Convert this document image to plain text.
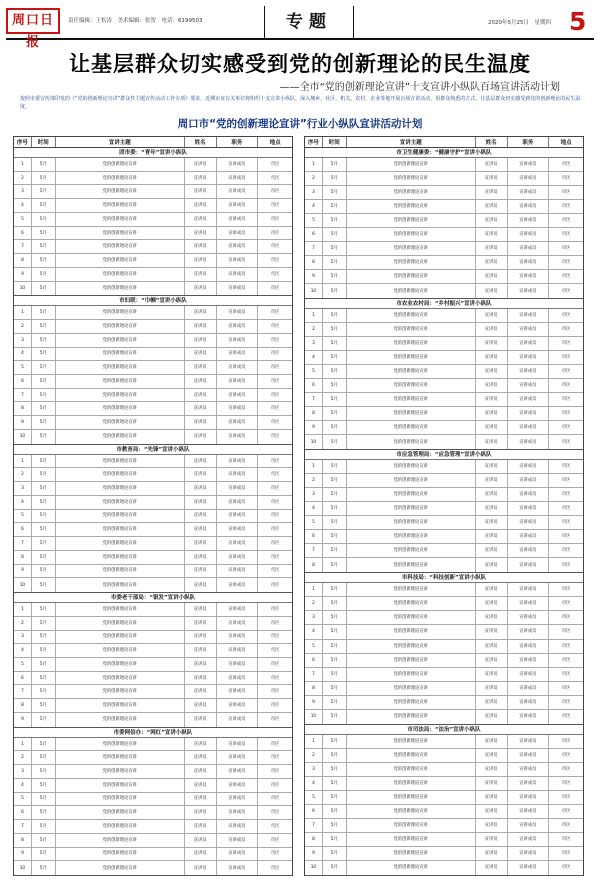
周口日报
责任编辑：王松涛　美术编辑：张贺　电话：6199503	专题	2020年5月25日　星期四 5
让基层群众切实感受到党的创新理论的民生温度
——全市“党的创新理论宣讲”十支宣讲小纵队百场宣讲活动计划
按照市委宣传部印发的《“党的创新理论宣讲”群众性主题宣传活动工作专项》要求，近期市直有关单位将组织十支宣讲小纵队，深入城乡、社区、机关、农村、企业等地开展百场宣讲活动，用群众熟悉的方式，让基层群众切实感受到党的创新理论的民生温度。
周口市“党的创新理论宣讲”行业小纵队宣讲活动计划
序号	时间	宣讲主题	姓名	职务	地点
团市委：“青年”宣讲小纵队
1	5月	党的创新理论宣讲	宣讲员	宣讲成员	市区
2	5月	党的创新理论宣讲	宣讲员	宣讲成员	市区
3	5月	党的创新理论宣讲	宣讲员	宣讲成员	市区
4	5月	党的创新理论宣讲	宣讲员	宣讲成员	市区
5	5月	党的创新理论宣讲	宣讲员	宣讲成员	市区
6	5月	党的创新理论宣讲	宣讲员	宣讲成员	市区
7	5月	党的创新理论宣讲	宣讲员	宣讲成员	市区
8	5月	党的创新理论宣讲	宣讲员	宣讲成员	市区
9	5月	党的创新理论宣讲	宣讲员	宣讲成员	市区
10	5月	党的创新理论宣讲	宣讲员	宣讲成员	市区
市妇联：“巾帼”宣讲小纵队
1	5月	党的创新理论宣讲	宣讲员	宣讲成员	市区
2	5月	党的创新理论宣讲	宣讲员	宣讲成员	市区
3	5月	党的创新理论宣讲	宣讲员	宣讲成员	市区
4	5月	党的创新理论宣讲	宣讲员	宣讲成员	市区
5	5月	党的创新理论宣讲	宣讲员	宣讲成员	市区
6	5月	党的创新理论宣讲	宣讲员	宣讲成员	市区
7	5月	党的创新理论宣讲	宣讲员	宣讲成员	市区
8	5月	党的创新理论宣讲	宣讲员	宣讲成员	市区
9	5月	党的创新理论宣讲	宣讲员	宣讲成员	市区
10	5月	党的创新理论宣讲	宣讲员	宣讲成员	市区
市教育局：“先锋”宣讲小纵队
1	5月	党的创新理论宣讲	宣讲员	宣讲成员	市区
2	5月	党的创新理论宣讲	宣讲员	宣讲成员	市区
3	5月	党的创新理论宣讲	宣讲员	宣讲成员	市区
4	5月	党的创新理论宣讲	宣讲员	宣讲成员	市区
5	5月	党的创新理论宣讲	宣讲员	宣讲成员	市区
6	5月	党的创新理论宣讲	宣讲员	宣讲成员	市区
7	5月	党的创新理论宣讲	宣讲员	宣讲成员	市区
8	5月	党的创新理论宣讲	宣讲员	宣讲成员	市区
9	5月	党的创新理论宣讲	宣讲员	宣讲成员	市区
10	5月	党的创新理论宣讲	宣讲员	宣讲成员	市区
市委老干部局：“银发”宣讲小纵队
1	5月	党的创新理论宣讲	宣讲员	宣讲成员	市区
2	5月	党的创新理论宣讲	宣讲员	宣讲成员	市区
3	5月	党的创新理论宣讲	宣讲员	宣讲成员	市区
4	5月	党的创新理论宣讲	宣讲员	宣讲成员	市区
5	5月	党的创新理论宣讲	宣讲员	宣讲成员	市区
6	5月	党的创新理论宣讲	宣讲员	宣讲成员	市区
7	5月	党的创新理论宣讲	宣讲员	宣讲成员	市区
8	5月	党的创新理论宣讲	宣讲员	宣讲成员	市区
9	5月	党的创新理论宣讲	宣讲员	宣讲成员	市区
市委网信办：“网红”宣讲小纵队
1	5月	党的创新理论宣讲	宣讲员	宣讲成员	市区
2	5月	党的创新理论宣讲	宣讲员	宣讲成员	市区
3	5月	党的创新理论宣讲	宣讲员	宣讲成员	市区
4	5月	党的创新理论宣讲	宣讲员	宣讲成员	市区
5	5月	党的创新理论宣讲	宣讲员	宣讲成员	市区
6	5月	党的创新理论宣讲	宣讲员	宣讲成员	市区
7	5月	党的创新理论宣讲	宣讲员	宣讲成员	市区
8	5月	党的创新理论宣讲	宣讲员	宣讲成员	市区
9	5月	党的创新理论宣讲	宣讲员	宣讲成员	市区
10	5月	党的创新理论宣讲	宣讲员	宣讲成员	市区
序号	时间	宣讲主题	姓名	职务	地点
市卫生健康委：“健康守护”宣讲小纵队
1	5月	党的创新理论宣讲	宣讲员	宣讲成员	市区
2	5月	党的创新理论宣讲	宣讲员	宣讲成员	市区
3	5月	党的创新理论宣讲	宣讲员	宣讲成员	市区
4	5月	党的创新理论宣讲	宣讲员	宣讲成员	市区
5	5月	党的创新理论宣讲	宣讲员	宣讲成员	市区
6	5月	党的创新理论宣讲	宣讲员	宣讲成员	市区
7	5月	党的创新理论宣讲	宣讲员	宣讲成员	市区
8	5月	党的创新理论宣讲	宣讲员	宣讲成员	市区
9	5月	党的创新理论宣讲	宣讲员	宣讲成员	市区
10	5月	党的创新理论宣讲	宣讲员	宣讲成员	市区
市农业农村局：“乡村振兴”宣讲小纵队
1	5月	党的创新理论宣讲	宣讲员	宣讲成员	市区
2	5月	党的创新理论宣讲	宣讲员	宣讲成员	市区
3	5月	党的创新理论宣讲	宣讲员	宣讲成员	市区
4	5月	党的创新理论宣讲	宣讲员	宣讲成员	市区
5	5月	党的创新理论宣讲	宣讲员	宣讲成员	市区
6	5月	党的创新理论宣讲	宣讲员	宣讲成员	市区
7	5月	党的创新理论宣讲	宣讲员	宣讲成员	市区
8	5月	党的创新理论宣讲	宣讲员	宣讲成员	市区
9	5月	党的创新理论宣讲	宣讲员	宣讲成员	市区
10	5月	党的创新理论宣讲	宣讲员	宣讲成员	市区
市应急管理局：“应急管理”宣讲小纵队
1	5月	党的创新理论宣讲	宣讲员	宣讲成员	市区
2	5月	党的创新理论宣讲	宣讲员	宣讲成员	市区
3	5月	党的创新理论宣讲	宣讲员	宣讲成员	市区
4	5月	党的创新理论宣讲	宣讲员	宣讲成员	市区
5	5月	党的创新理论宣讲	宣讲员	宣讲成员	市区
6	5月	党的创新理论宣讲	宣讲员	宣讲成员	市区
7	5月	党的创新理论宣讲	宣讲员	宣讲成员	市区
8	5月	党的创新理论宣讲	宣讲员	宣讲成员	市区
市科技局：“科技创新”宣讲小纵队
1	5月	党的创新理论宣讲	宣讲员	宣讲成员	市区
2	5月	党的创新理论宣讲	宣讲员	宣讲成员	市区
3	5月	党的创新理论宣讲	宣讲员	宣讲成员	市区
4	5月	党的创新理论宣讲	宣讲员	宣讲成员	市区
5	5月	党的创新理论宣讲	宣讲员	宣讲成员	市区
6	5月	党的创新理论宣讲	宣讲员	宣讲成员	市区
7	5月	党的创新理论宣讲	宣讲员	宣讲成员	市区
8	5月	党的创新理论宣讲	宣讲员	宣讲成员	市区
9	5月	党的创新理论宣讲	宣讲员	宣讲成员	市区
10	5月	党的创新理论宣讲	宣讲员	宣讲成员	市区
市司法局：“法治”宣讲小纵队
1	5月	党的创新理论宣讲	宣讲员	宣讲成员	市区
2	5月	党的创新理论宣讲	宣讲员	宣讲成员	市区
3	5月	党的创新理论宣讲	宣讲员	宣讲成员	市区
4	5月	党的创新理论宣讲	宣讲员	宣讲成员	市区
5	5月	党的创新理论宣讲	宣讲员	宣讲成员	市区
6	5月	党的创新理论宣讲	宣讲员	宣讲成员	市区
7	5月	党的创新理论宣讲	宣讲员	宣讲成员	市区
8	5月	党的创新理论宣讲	宣讲员	宣讲成员	市区
9	5月	党的创新理论宣讲	宣讲员	宣讲成员	市区
10	5月	党的创新理论宣讲	宣讲员	宣讲成员	市区
